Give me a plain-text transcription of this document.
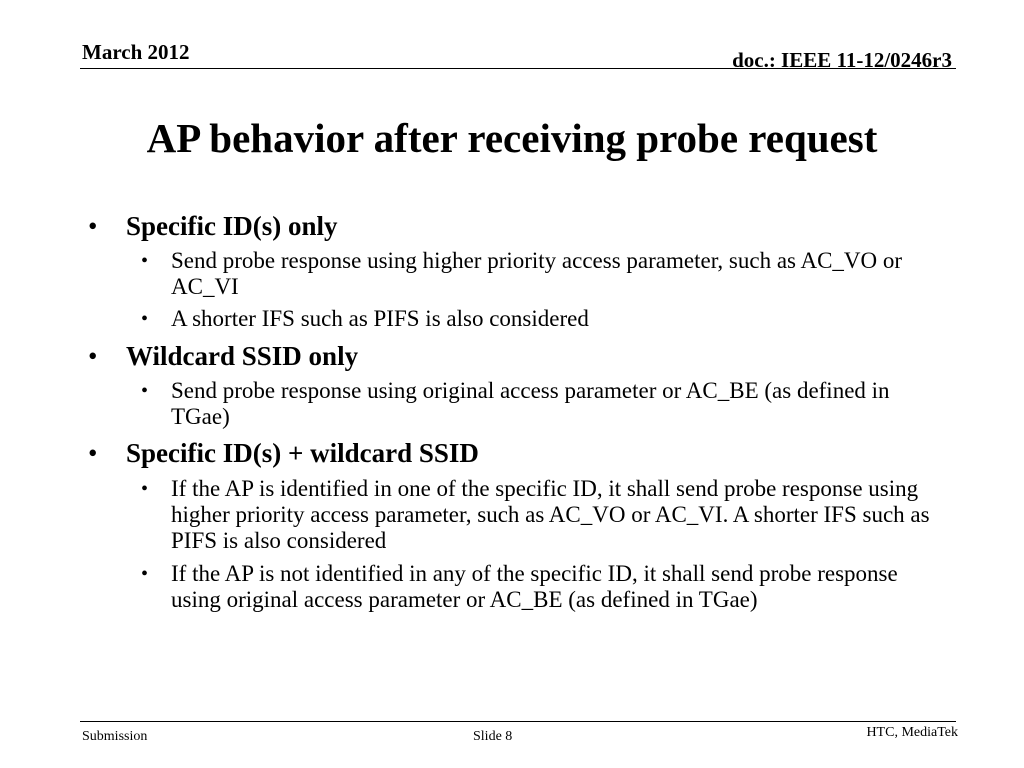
March 2012	doc.: IEEE 11-12/0246r3
AP behavior after receiving probe request
• Specific ID(s) only
• Send probe response using higher priority access parameter, such as AC_VO or AC_VI
• A shorter IFS such as PIFS is also considered
• Wildcard SSID only
• Send probe response using original access parameter or AC_BE (as defined in TGae)
• Specific ID(s) + wildcard SSID
• If the AP is identified in one of the specific ID, it shall send probe response using higher priority access parameter, such as AC_VO or AC_VI. A shorter IFS such as PIFS is also considered
• If the AP is not identified in any of the specific ID, it shall send probe response using original access parameter or AC_BE (as defined in TGae)
Submission	Slide 8	HTC, MediaTek
